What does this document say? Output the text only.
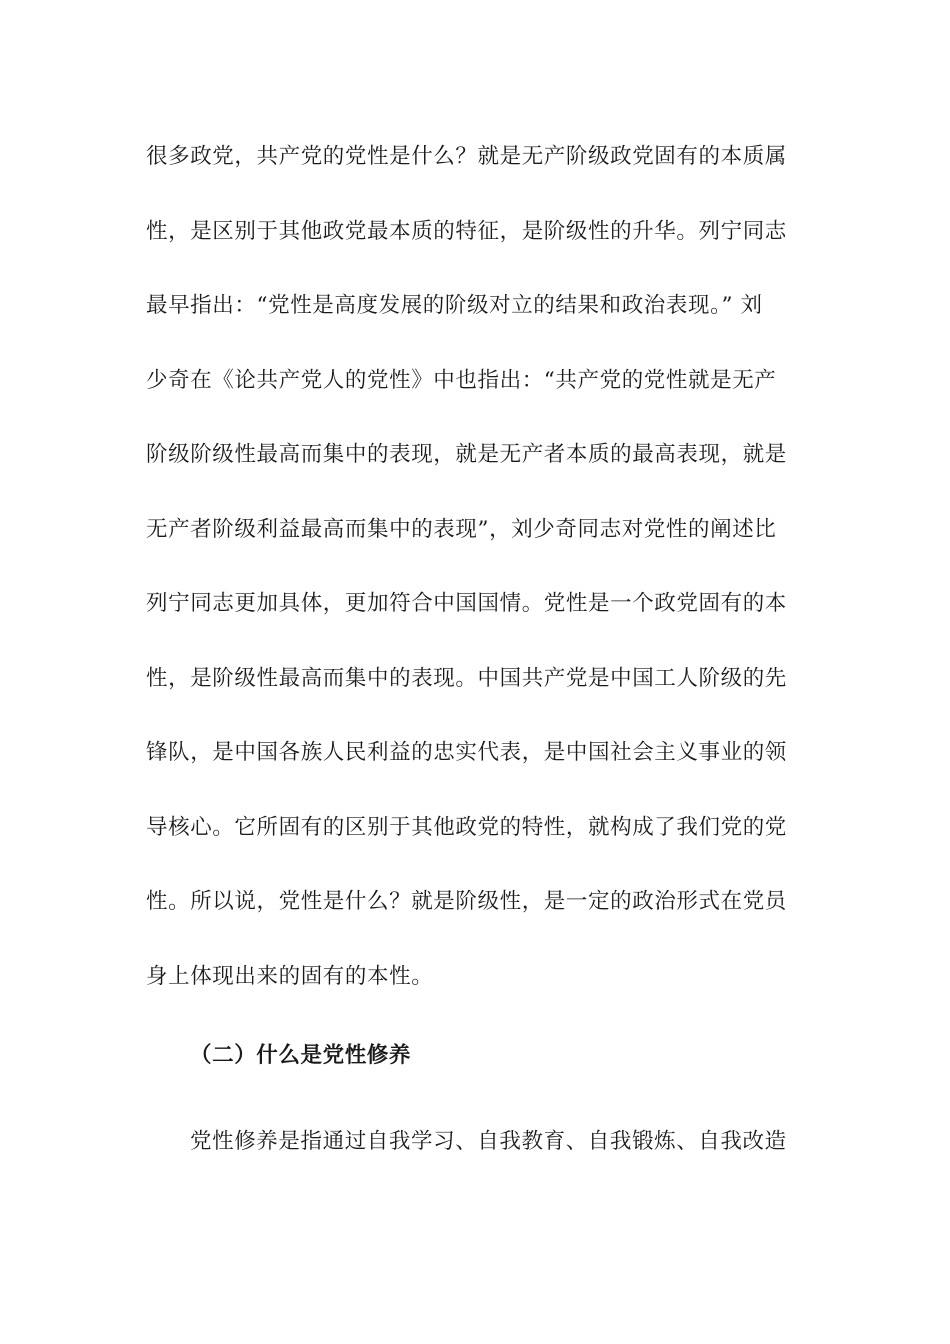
很多政党，共产党的党性是什么？就是无产阶级政党固有的本质属
性，是区别于其他政党最本质的特征，是阶级性的升华。列宁同志
最早指出：“党性是高度发展的阶级对立的结果和政治表现。” 刘
少奇在《论共产党人的党性》中也指出：“共产党的党性就是无产
阶级阶级性最高而集中的表现，就是无产者本质的最高表现，就是
无产者阶级利益最高而集中的表现”，刘少奇同志对党性的阐述比
列宁同志更加具体，更加符合中国国情。党性是一个政党固有的本
性，是阶级性最高而集中的表现。中国共产党是中国工人阶级的先
锋队，是中国各族人民利益的忠实代表，是中国社会主义事业的领
导核心。它所固有的区别于其他政党的特性，就构成了我们党的党
性。所以说，党性是什么？就是阶级性，是一定的政治形式在党员
身上体现出来的固有的本性。
（二）什么是党性修养
党性修养是指通过自我学习、自我教育、自我锻炼、自我改造
